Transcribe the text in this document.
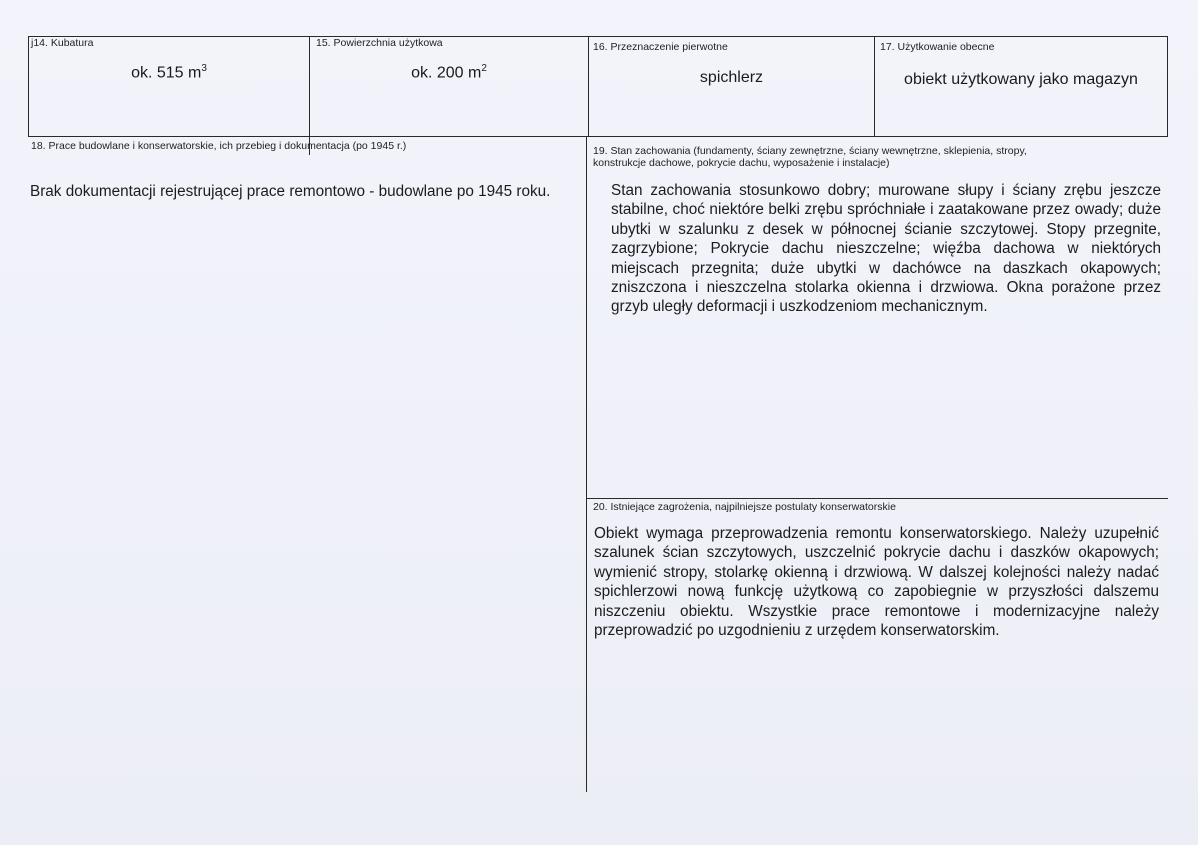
j14. Kubatura
ok. 515 $m^3$
15. Powierzchnia użytkowa
ok. 200 $m^2$
16. Przeznaczenie pierwotne
spichlerz
17. Użytkowanie obecne
obiekt użytkowany jako magazyn
18. Prace budowlane i konserwatorskie, ich przebieg i dokumentacja (po 1945 r.)
Brak dokumentacji rejestrującej prace remontowo - budowlane po 1945 roku.
19. Stan zachowania (fundamenty, ściany zewnętrzne, ściany wewnętrzne, sklepienia, stropy,
konstrukcje dachowe, pokrycie dachu, wyposażenie i instalacje)
Stan zachowania stosunkowo dobry; murowane słupy i ściany zrębu jeszcze stabilne, choć niektóre belki zrębu spróchniałe i zaatakowane przez owady; duże ubytki w szalunku z desek w północnej ścianie szczytowej. Stopy przegnite, zagrzybione; Pokrycie dachu nieszczelne; więźba dachowa w niektórych miejscach przegnita; duże ubytki w dachówce na daszkach okapowych; zniszczona i nieszczelna stolarka okienna i drzwiowa. Okna porażone przez grzyb uległy deformacji i uszkodzeniom mechanicznym.
20. Istniejące zagrożenia, najpilniejsze postulaty konserwatorskie
Obiekt wymaga przeprowadzenia remontu konserwatorskiego. Należy uzupełnić szalunek ścian szczytowych, uszczelnić pokrycie dachu i daszków okapowych; wymienić stropy, stolarkę okienną i drzwiową. W dalszej kolejności należy nadać spichlerzowi nową funkcję użytkową co zapobiegnie w przyszłości dalszemu niszczeniu obiektu. Wszystkie prace remontowe i modernizacyjne należy przeprowadzić po uzgodnieniu z urzędem konserwatorskim.
